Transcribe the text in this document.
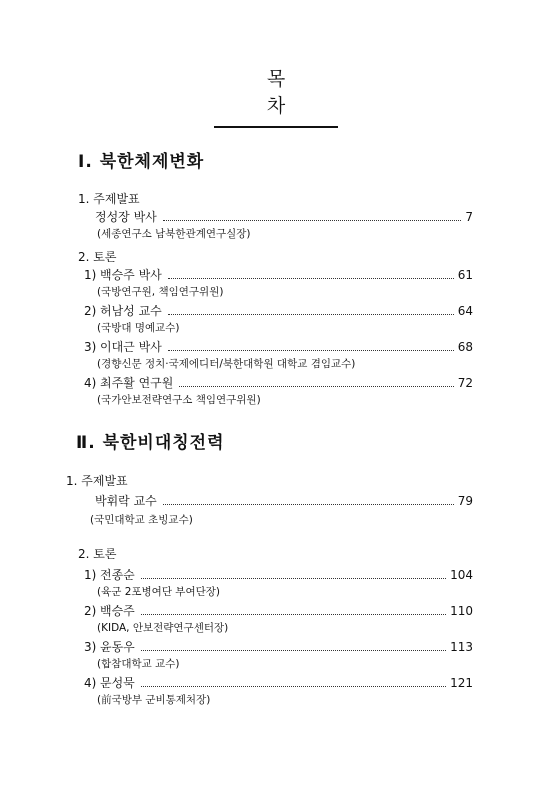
목 차
Ⅰ. 북한체제변화
1. 주제발표
정성장 박사	7
(세종연구소 남북한관계연구실장)
2. 토론
1) 백승주 박사	61
(국방연구원, 책임연구위원)
2) 허남성 교수	64
(국방대 명예교수)
3) 이대근 박사	68
(경향신문 정치·국제에디터/북한대학원 대학교 겸임교수)
4) 최주활 연구원	72
(국가안보전략연구소 책임연구위원)
Ⅱ. 북한비대칭전력
1. 주제발표
박휘락 교수	79
(국민대학교 초빙교수)
2. 토론
1) 전종순	104
(육군 2포병여단 부여단장)
2) 백승주	110
(KIDA, 안보전략연구센터장)
3) 윤동우	113
(합참대학교 교수)
4) 문성묵	121
(前국방부 군비통제처장)
